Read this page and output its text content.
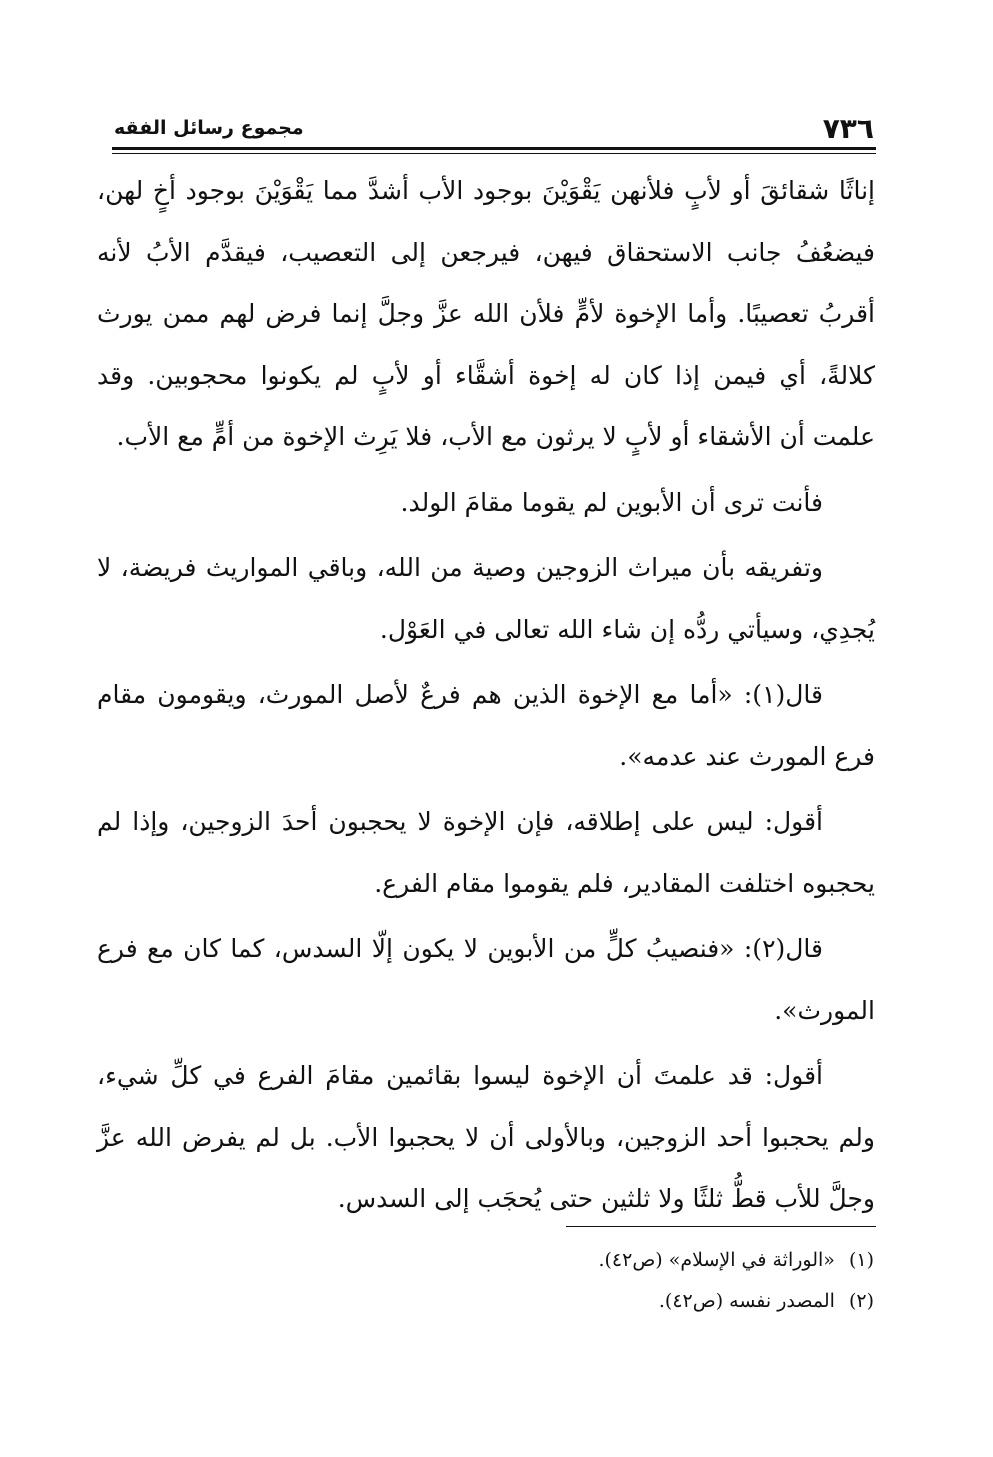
مجموع رسائل الفقه	٧٣٦

إناثًا شقائقَ أو لأبٍ فلأنهن يَقْوَيْنَ بوجود الأب أشدَّ مما يَقْوَيْنَ بوجود أخٍ لهن، فيضعُفُ جانب الاستحقاق فيهن، فيرجعن إلى التعصيب، فيقدَّم الأبُ لأنه أقربُ تعصيبًا. وأما الإخوة لأمٍّ فلأن الله عزَّ وجلَّ إنما فرض لهم ممن يورث كلالةً، أي فيمن إذا كان له إخوة أشقَّاء أو لأبٍ لم يكونوا محجوبين. وقد علمت أن الأشقاء أو لأبٍ لا يرثون مع الأب، فلا يَرِث الإخوة من أمٍّ مع الأب.

فأنت ترى أن الأبوين لم يقوما مقامَ الولد.

وتفريقه بأن ميراث الزوجين وصية من الله، وباقي المواريث فريضة، لا يُجدِي، وسيأتي ردُّه إن شاء الله تعالى في العَوْل.

قال(١): «أما مع الإخوة الذين هم فرعٌ لأصل المورث، ويقومون مقام فرع المورث عند عدمه».

أقول: ليس على إطلاقه، فإن الإخوة لا يحجبون أحدَ الزوجين، وإذا لم يحجبوه اختلفت المقادير، فلم يقوموا مقام الفرع.

قال(٢): «فنصيبُ كلٍّ من الأبوين لا يكون إلّا السدس، كما كان مع فرع المورث».

أقول: قد علمتَ أن الإخوة ليسوا بقائمين مقامَ الفرع في كلِّ شيء، ولم يحجبوا أحد الزوجين، وبالأولى أن لا يحجبوا الأب. بل لم يفرض الله عزَّ وجلَّ للأب قطُّ ثلثًا ولا ثلثين حتى يُحجَب إلى السدس.

(١)«الوراثة في الإسلام» (ص٤٢).
(٢)المصدر نفسه (ص٤٢).
